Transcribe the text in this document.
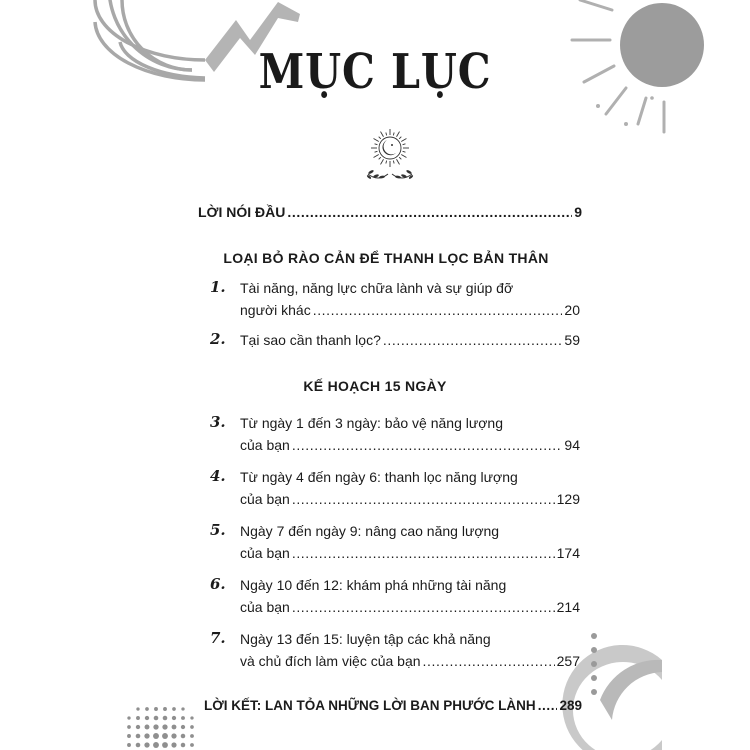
MỤC LỤC
LỜI NÓI ĐẦU .....	9
LOẠI BỎ RÀO CẢN ĐỂ THANH LỌC BẢN THÂN
1.	Tài năng, năng lực chữa lành và sự giúp đỡ
người khác .....	20
2.	Tại sao cần thanh lọc? .....	59
KẾ HOẠCH 15 NGÀY
3.	Từ ngày 1 đến 3 ngày: bảo vệ năng lượng
của bạn .....	94
4.	Từ ngày 4 đến ngày 6: thanh lọc năng lượng
của bạn .....	129
5.	Ngày 7 đến ngày 9: nâng cao năng lượng
của bạn .....	174
6.	Ngày 10 đến 12: khám phá những tài năng
của bạn .....	214
7.	Ngày 13 đến 15: luyện tập các khả năng
và chủ đích làm việc của bạn .....	257
LỜI KẾT: LAN TỎA NHỮNG LỜI BAN PHƯỚC LÀNH ..... 289
